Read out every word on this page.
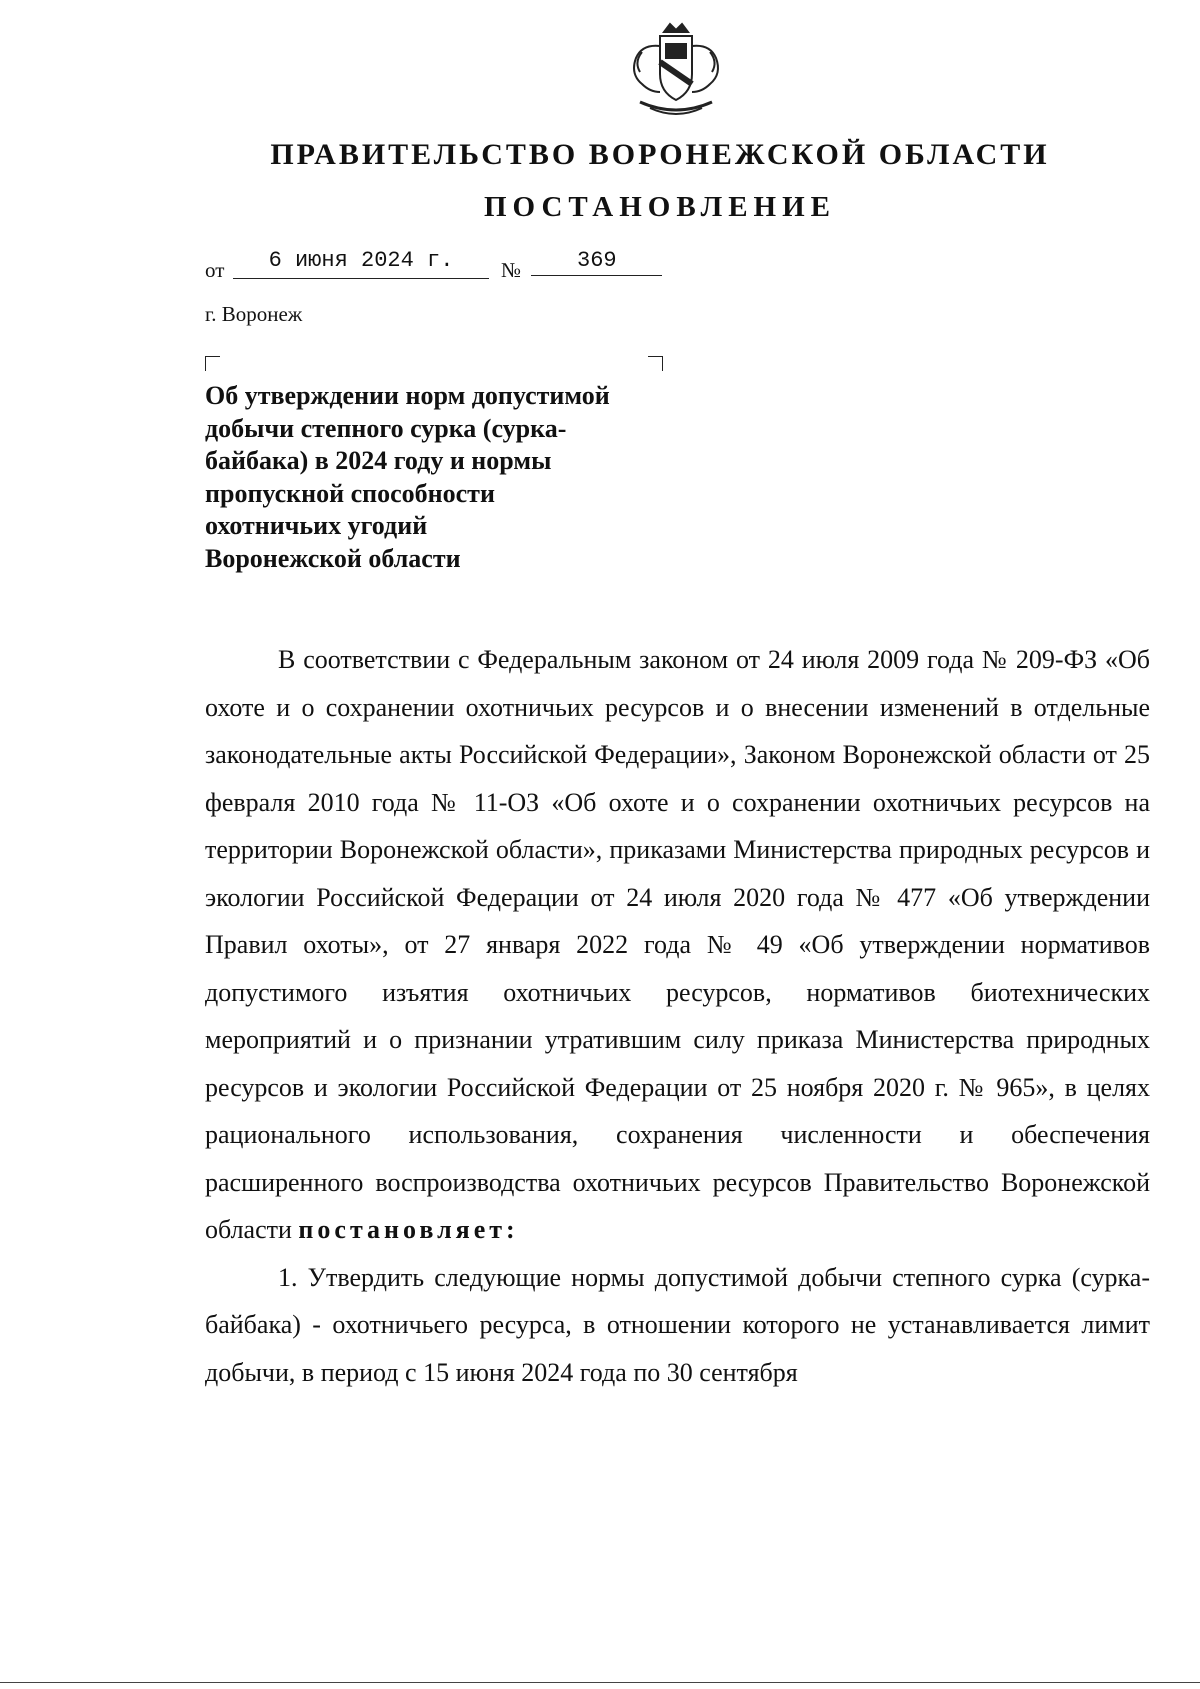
ПРАВИТЕЛЬСТВО ВОРОНЕЖСКОЙ ОБЛАСТИ
ПОСТАНОВЛЕНИЕ
от	6 июня 2024 г.	№	369
г. Воронеж
Об утверждении норм допустимой
добычи степного сурка (сурка-
байбака) в 2024 году и нормы
пропускной способности
охотничьих угодий
Воронежской области

В соответствии с Федеральным законом от 24 июля 2009 года № 209-ФЗ «Об охоте и о сохранении охотничьих ресурсов и о внесении изменений в отдельные законодательные акты Российской Федерации», Законом Воронежской области от 25 февраля 2010 года № 11-ОЗ «Об охоте и о сохранении охотничьих ресурсов на территории Воронежской области», приказами Министерства природных ресурсов и экологии Российской Федерации от 24 июля 2020 года № 477 «Об утверждении Правил охоты», от 27 января 2022 года № 49 «Об утверждении нормативов допустимого изъятия охотничьих ресурсов, нормативов биотехнических мероприятий и о признании утратившим силу приказа Министерства природных ресурсов и экологии Российской Федерации от 25 ноября 2020 г. № 965», в целях рационального использования, сохранения численности и обеспечения расширенного воспроизводства охотничьих ресурсов Правительство Воронежской области постановляет:

1. Утвердить следующие нормы допустимой добычи степного сурка (сурка-байбака) - охотничьего ресурса, в отношении которого не устанавливается лимит добычи, в период с 15 июня 2024 года по 30 сентября
